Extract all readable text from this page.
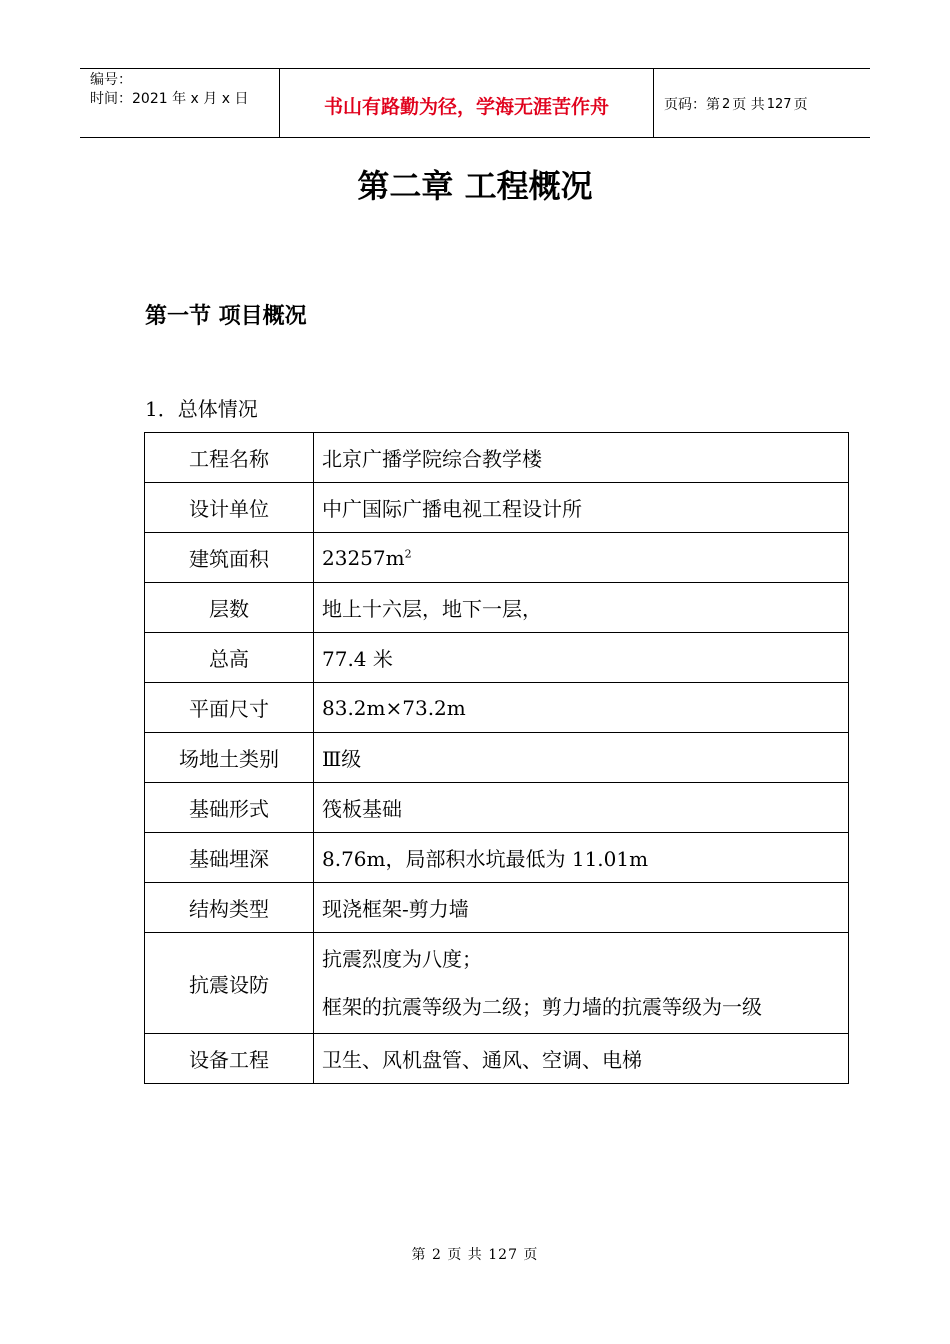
编号：
时间：2021 年 x 月 x 日	书山有路勤为径，学海无涯苦作舟	页码：第 2 页 共 127 页
第二章 工程概况
第一节 项目概况
1．总体情况
工程名称	北京广播学院综合教学楼
设计单位	中广国际广播电视工程设计所
建筑面积	$23257m^2$
层数	地上十六层，地下一层，
总高	77.4 米
平面尺寸	83.2m×73.2m
场地土类别	Ⅲ级
基础形式	筏板基础
基础埋深	8.76m，局部积水坑最低为 11.01m
结构类型	现浇框架-剪力墙
抗震设防	抗震烈度为八度；
框架的抗震等级为二级；剪力墙的抗震等级为一级

设备工程	卫生、风机盘管、通风、空调、电梯
第 2 页 共 127 页
